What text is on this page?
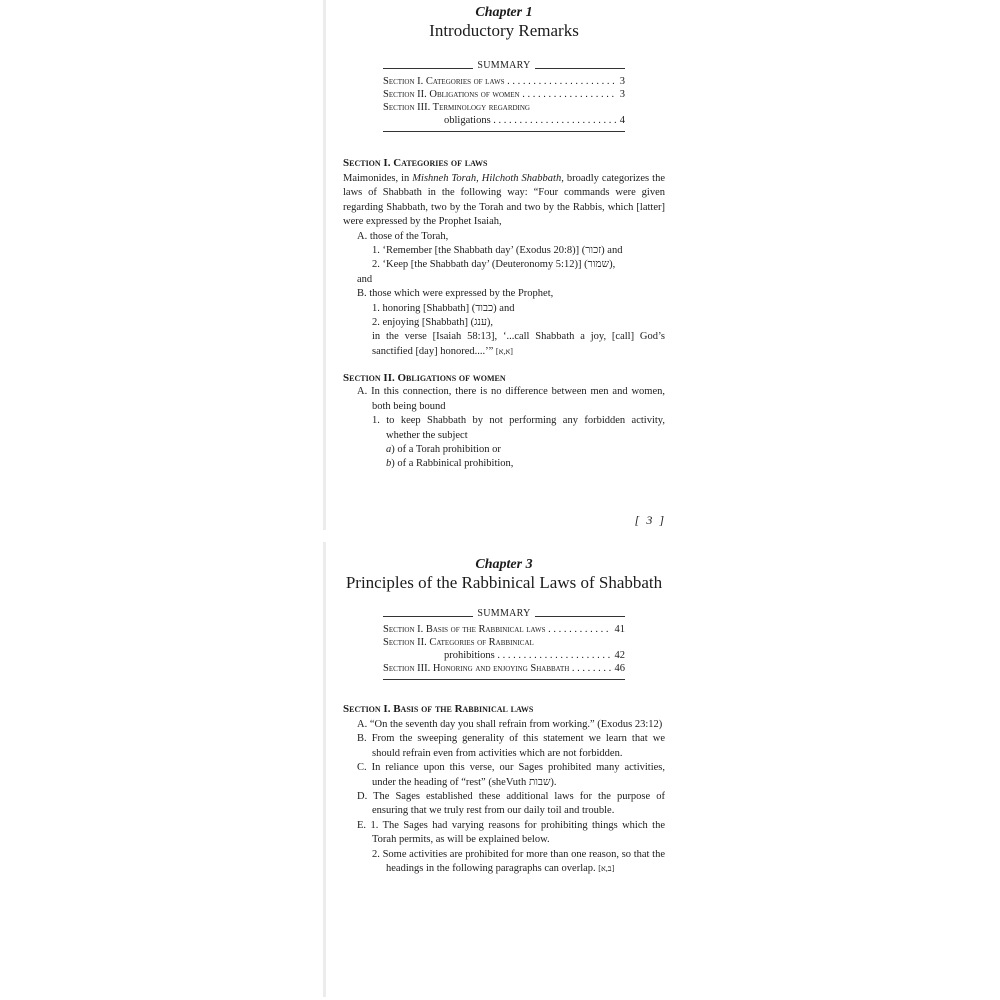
Chapter 1
Introductory Remarks
SUMMARY
Section I. Categories of laws . . .	3
Section II. Obligations of women . . .	3
Section III. Terminology regarding
obligations . . .	4
Section I. Categories of laws
Maimonides, in Mishneh Torah, Hilchoth Shabbath, broadly categorizes the laws of Shabbath in the following way: “Four commands were given regarding Shabbath, two by the Torah and two by the Rabbis, which [latter] were expressed by the Prophet Isaiah,
A. those of the Torah,
1. ‘Remember [the Shabbath day’ (Exodus 20:8)] (זכור) and
2. ‘Keep [the Shabbath day’ (Deuteronomy 5:12)] (שמור),
and
B. those which were expressed by the Prophet,
1. honoring [Shabbath] (כבוד) and
2. enjoying [Shabbath] (ענג),
in the verse [Isaiah 58:13], ‘...call Shabbath a joy, [call] God’s sanctified [day] honored....’” [א,א]
Section II. Obligations of women
A. In this connection, there is no difference between men and women, both being bound
1. to keep Shabbath by not performing any forbidden activity, whether the subject
a) of a Torah prohibition or
b) of a Rabbinical prohibition,
[ 3 ]
Chapter 3
Principles of the Rabbinical Laws of Shabbath
SUMMARY
Section I. Basis of the Rabbinical laws . . .	41
Section II. Categories of Rabbinical
prohibitions . . .	42
Section III. Honoring and enjoying Shabbath . . .	46
Section I. Basis of the Rabbinical laws
A. “On the seventh day you shall refrain from working.” (Exodus 23:12)
B. From the sweeping generality of this statement we learn that we should refrain even from activities which are not forbidden.
C. In reliance upon this verse, our Sages prohibited many activities, under the heading of “rest” (sheVuth שבות).
D. The Sages established these additional laws for the purpose of ensuring that we truly rest from our daily toil and trouble.
E. 1. The Sages had varying reasons for prohibiting things which the Torah permits, as will be explained below.
2. Some activities are prohibited for more than one reason, so that the headings in the following paragraphs can overlap. [ב,א]
